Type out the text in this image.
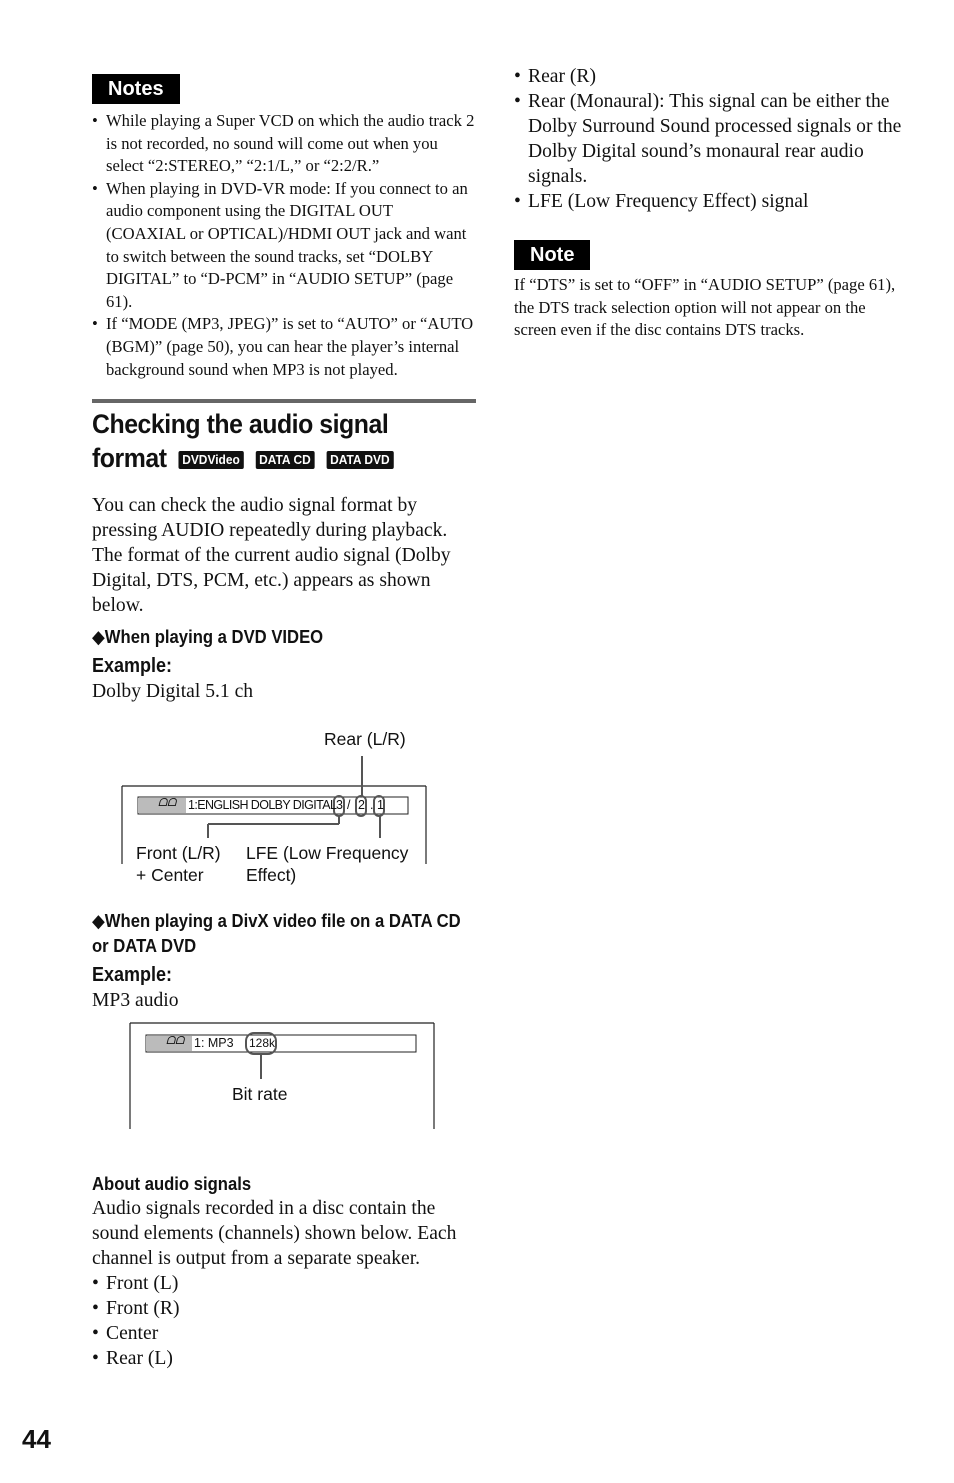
Notes
• While playing a Super VCD on which the audio track 2 is not recorded, no sound will come out when you select “2:STEREO,” “2:1/L,” or “2:2/R.”
• When playing in DVD-VR mode: If you connect to an audio component using the DIGITAL OUT (COAXIAL or OPTICAL)/HDMI OUT jack and want to switch between the sound tracks, set “DOLBY DIGITAL” to “D-PCM” in “AUDIO SETUP” (page 61).
• If “MODE (MP3, JPEG)” is set to “AUTO” or “AUTO (BGM)” (page 50), you can hear the player’s internal background sound when MP3 is not played.
Checking the audio signal
format DVDVideo DATA CD DATA DVD

You can check the audio signal format by pressing AUDIO repeatedly during playback. The format of the current audio signal (Dolby Digital, DTS, PCM, etc.) appears as shown below.

◆When playing a DVD VIDEO

Example:

Dolby Digital 5.1 ch

Rear (L/R)
ᗝᗝ 1:ENGLISH DOLBY DIGITAL 3 / 2 . 1
Front (L/R)
+ Center
LFE (Low Frequency
Effect)

◆When playing a DivX video file on a DATA CD or DATA DVD

Example:

MP3 audio

ᗝᗝ 1: MP3 128k
Bit rate

About audio signals

Audio signals recorded in a disc contain the sound elements (channels) shown below. Each channel is output from a separate speaker.

• Front (L)
• Front (R)
• Center
• Rear (L)
• Rear (R)
• Rear (Monaural): This signal can be either the Dolby Surround Sound processed signals or the Dolby Digital sound’s monaural rear audio signals.
• LFE (Low Frequency Effect) signal
Note

If “DTS” is set to “OFF” in “AUDIO SETUP” (page 61), the DTS track selection option will not appear on the screen even if the disc contains DTS tracks.

44
